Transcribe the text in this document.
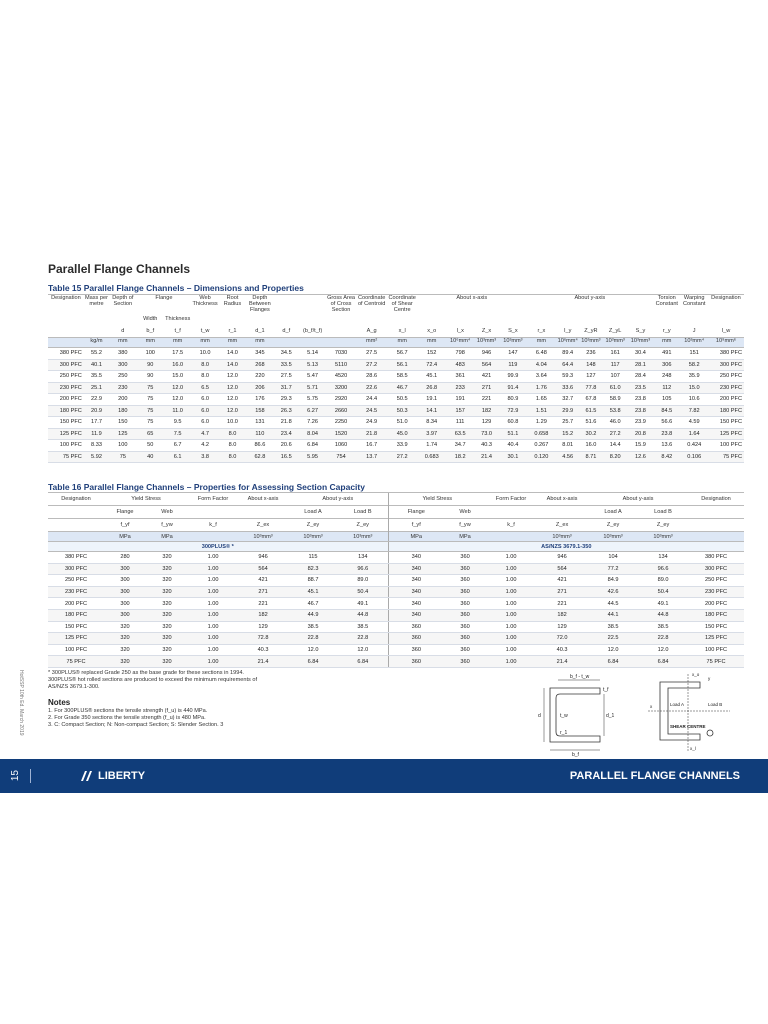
Parallel Flange Channels
Table 15 Parallel Flange Channels – Dimensions and Properties
Designation	Mass per metre	Depth of Section	Flange		Web Thickness	Root Radius	Depth Between Flanges			Gross Area of Cross Section	Coordinate of Centroid	Coordinate of Shear Centre	About x-axis				About y-axis					Torsion Constant	Warping Constant	Designation
			Width	Thickness																				
		d	b_f	t_f	t_w	r_1	d_1	d_f	(b_f/t_f)		A_g	x_l	x_o	I_x	Z_x	S_x	r_x	I_y	Z_yR	Z_yL	S_y	r_y	J	I_w
	kg/m	mm	mm	mm	mm	mm	mm				mm²	mm	mm	10⁶mm⁴	10³mm³	10³mm³	mm	10⁶mm⁴	10³mm³	10³mm³	10³mm³	mm	10³mm⁴	10⁹mm⁶
380 PFC	55.2	380	100	17.5	10.0	14.0	345	34.5	5.14	7030	27.5	56.7	152	798	946	147	6.48	89.4	236	161	30.4	491	151	380 PFC
300 PFC	40.1	300	90	16.0	8.0	14.0	268	33.5	5.13	5110	27.2	56.1	72.4	483	564	119	4.04	64.4	148	117	28.1	306	58.2	300 PFC
250 PFC	35.5	250	90	15.0	8.0	12.0	220	27.5	5.47	4520	28.6	58.5	45.1	361	421	99.9	3.64	59.3	127	107	28.4	248	35.9	250 PFC
230 PFC	25.1	230	75	12.0	6.5	12.0	206	31.7	5.71	3200	22.6	46.7	26.8	233	271	91.4	1.76	33.6	77.8	61.0	23.5	112	15.0	230 PFC
200 PFC	22.9	200	75	12.0	6.0	12.0	176	29.3	5.75	2920	24.4	50.5	19.1	191	221	80.9	1.65	32.7	67.8	58.9	23.8	105	10.6	200 PFC
180 PFC	20.9	180	75	11.0	6.0	12.0	158	26.3	6.27	2660	24.5	50.3	14.1	157	182	72.9	1.51	29.9	61.5	53.8	23.8	84.5	7.82	180 PFC
150 PFC	17.7	150	75	9.5	6.0	10.0	131	21.8	7.26	2250	24.9	51.0	8.34	111	129	60.8	1.29	25.7	51.6	46.0	23.9	56.6	4.59	150 PFC
125 PFC	11.9	125	65	7.5	4.7	8.0	110	23.4	8.04	1520	21.8	45.0	3.97	63.5	73.0	51.1	0.658	15.2	30.2	27.2	20.8	23.8	1.64	125 PFC
100 PFC	8.33	100	50	6.7	4.2	8.0	86.6	20.6	6.84	1060	16.7	33.9	1.74	34.7	40.3	40.4	0.267	8.01	16.0	14.4	15.9	13.6	0.424	100 PFC
75 PFC	5.92	75	40	6.1	3.8	8.0	62.8	16.5	5.95	754	13.7	27.2	0.683	18.2	21.4	30.1	0.120	4.56	8.71	8.20	12.6	8.42	0.106	75 PFC
Table 16 Parallel Flange Channels – Properties for Assessing Section Capacity
Designation	Yield Stress		Form Factor	About x-axis	About y-axis		Yield Stress		Form Factor	About x-axis	About y-axis		Designation
	Flange	Web			Load A	Load B	Flange	Web			Load A	Load B	
	f_yf	f_yw	k_f	Z_ex	Z_ey	Z_ey	f_yf	f_yw	k_f	Z_ex	Z_ey	Z_ey	
	MPa	MPa		10³mm³	10³mm³	10³mm³	MPa	MPa		10³mm³	10³mm³	10³mm³	
300PLUS® *							AS/NZS 3679.1-350						
380 PFC	280	320	1.00	946	115	134	340	360	1.00	946	104	134	380 PFC
300 PFC	300	320	1.00	564	82.3	96.6	340	360	1.00	564	77.2	96.6	300 PFC
250 PFC	300	320	1.00	421	88.7	89.0	340	360	1.00	421	84.9	89.0	250 PFC
230 PFC	300	320	1.00	271	45.1	50.4	340	360	1.00	271	42.6	50.4	230 PFC
200 PFC	300	320	1.00	221	46.7	49.1	340	360	1.00	221	44.5	49.1	200 PFC
180 PFC	300	320	1.00	182	44.9	44.8	340	360	1.00	182	44.1	44.8	180 PFC
150 PFC	320	320	1.00	129	38.5	38.5	360	360	1.00	129	38.5	38.5	150 PFC
125 PFC	320	320	1.00	72.8	22.8	22.8	360	360	1.00	72.0	22.5	22.8	125 PFC
100 PFC	320	320	1.00	40.3	12.0	12.0	360	360	1.00	40.3	12.0	12.0	100 PFC
75 PFC	320	320	1.00	21.4	6.84	6.84	360	360	1.00	21.4	6.84	6.84	75 PFC
* 300PLUS® replaced Grade 250 as the base grade for these sections in 1994.
300PLUS® hot rolled sections are produced to exceed the minimum requirements of
AS/NZS 3679.1-300.
Notes
1. For 300PLUS® sections the tensile strength (f_u) is 440 MPa.
2. For Grade 350 sections the tensile strength (f_u) is 480 MPa.
3. C: Compact Section; N: Non-compact Section; S: Slender Section. 3
HotSSP 10th Ed. March 2019	b_f - t_w
t_f
d	d_1
t_w
r_1
b_f
x_o
y
x	Load A	Load B
SHEAR CENTRE
x_l
15	LIBERTY	PARALLEL FLANGE CHANNELS
